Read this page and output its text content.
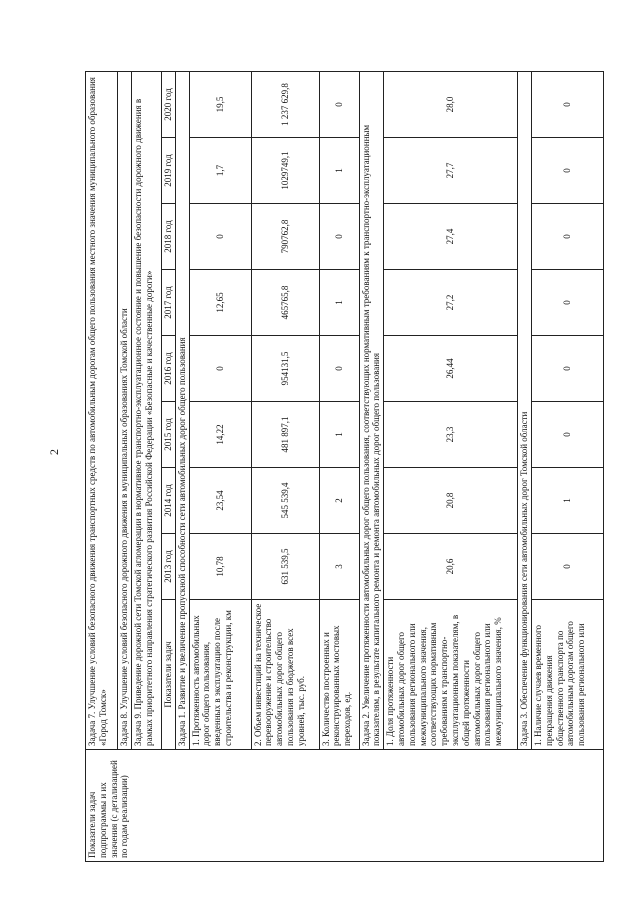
2
Показатели задач подпрограммы и их значения (с детализацией по годам реализации)	Задача 7. Улучшение условий безопасного движения транспортных средств по автомобильным дорогам общего пользования местного значения муниципального образования «Город Томск»								
	Задача 8. Улучшение условий безопасного дорожного движения в муниципальных образованиях Томской области								
	Задача 9. Приведение дорожной сети Томской агломерации в нормативное транспортно-эксплуатационное состояние и повышение безопасности дорожного движения в рамках приоритетного направления стратегического развития Российской Федерации «Безопасные и качественные дороги»								
	Показатели задач	2013 год	2014 год	2015 год	2016 год	2017 год	2018 год	2019 год	2020 год
	Задача 1. Развитие и увеличение пропускной способности сети автомобильных дорог общего пользования								
	1. Протяженность автомобильных дорог общего пользования, введенных в эксплуатацию после строительства и реконструкции, км	10,78	23,54	14,22	0	12,65	0	1,7	19,5
	2. Объем инвестиций на техническое перевооружение и строительство автомобильных дорог общего пользования из бюджетов всех уровней, тыс. руб.	631 539,5	545 539,4	481 897,1	954131,5	465765,8	790762,8	1029749,1	1 237 629,8
	3. Количество построенных и реконструированных мостовых переходов, ед.	3	2	1	0	1	0	1	0
	Задача 2. Увеличение протяженности автомобильных дорог общего пользования, соответствующих нормативным требованиям к транспортно-эксплуатационным показателям, в результате капитального ремонта и ремонта автомобильных дорог общего пользования								
	1. Доля протяженности автомобильных дорог общего пользования регионального или межмуниципального значения, соответствующих нормативным требованиям к транспортно-эксплуатационным показателям, в общей протяженности автомобильных дорог общего пользования регионального или межмуниципального значения, %	20,6	20,8	23,3	26,44	27,2	27,4	27,7	28,0
	Задача 3. Обеспечение функционирования сети автомобильных дорог Томской области								
	1. Наличие случаев временного прекращения движения общественного транспорта по автомобильным дорогам общего пользования регионального или	0	1	0	0	0	0	0	0
